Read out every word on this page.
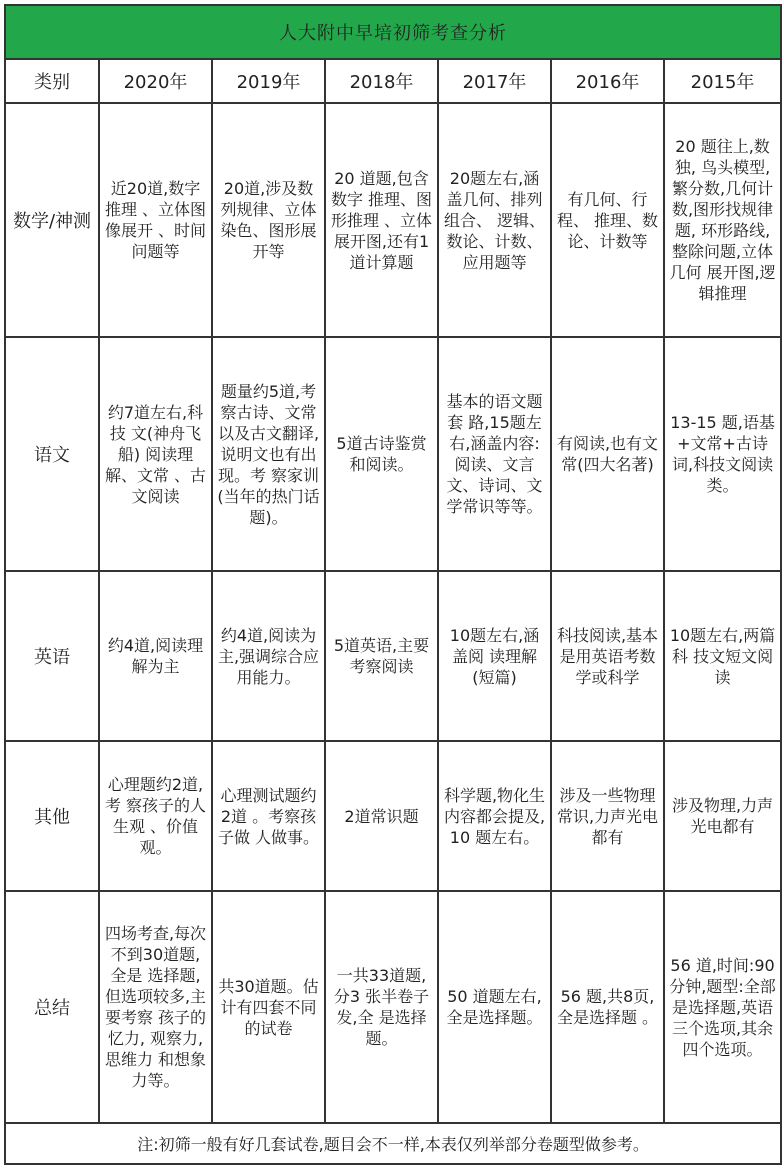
人大附中早培初筛考查分析						
类别	2020年	2019年	2018年	2017年	2016年	2015年
数学/神测	近20道,数字推理 、立体图像展开 、时间问题等	20道,涉及数列规律、立体 染色、图形展开等	20 道题,包含数字 推理、图形推理 、立体展开图,还有1道计算题	20题左右,涵盖几何、排列组合、 逻辑、数论、计数、应用题等	有几何、行程、 推理、数论、计数等	20 题往上,数独, 鸟头模型,繁分数,几何计数,图形找规律题, 环形路线,整除问题,立体几何 展开图,逻辑推理
语文	约7道左右,科技 文(神舟飞船) 阅读理解、文常 、古文阅读	题量约5道,考察古诗、文常以及古文翻译,说明文也有出现。考 察家训(当年的热门话题)。	5道古诗鉴赏和阅读。	基本的语文题套 路,15题左右,涵盖内容:阅读、文言文、诗词、文学常识等等。	有阅读,也有文 常(四大名著)	13-15 题,语基+文常+古诗词,科技文阅读类。
英语	约4道,阅读理解为主	约4道,阅读为 主,强调综合应 用能力。	5道英语,主要考察阅读	10题左右,涵盖阅 读理解(短篇)	科技阅读,基本是用英语考数学或科学	10题左右,两篇科 技文短文阅读
其他	心理题约2道,考 察孩子的人生观 、价值观。	心理测试题约2道 。考察孩子做 人做事。	2道常识题	科学题,物化生 内容都会提及,10 题左右。	涉及一些物理常识,力声光电都有	涉及物理,力声 光电都有
总结	四场考查,每次不到30道题,全是 选择题,但选项较多,主要考察 孩子的忆力, 观察力,思维力 和想象力等。	共30道题。估计有四套不同的试卷	一共33道题,分3 张半卷子发,全 是选择题。	50 道题左右,全是选择题。	56 题,共8页,全是选择题 。	56 道,时间:90分钟,题型:全部是选择题,英语 三个选项,其余四个选项。
注:初筛一般有好几套试卷,题目会不一样,本表仅列举部分卷题型做参考。						
